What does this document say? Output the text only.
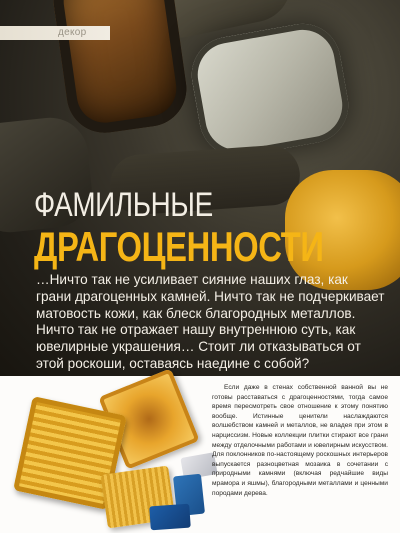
декор
ФАМИЛЬНЫЕ
ДРАГОЦЕННОСТИ

…Ничто так не усиливает сияние наших глаз, как грани драгоценных камней. Ничто так не подчеркивает матовость кожи, как блеск благородных металлов. Ничто так не отражает нашу внутреннюю суть, как ювелирные украшения… Стоит ли отказываться от этой роскоши, оставаясь наедине с собой?

Если даже в стенах собственной ванной вы не готовы расставаться с драгоценностями, тогда самое время пересмотреть свое отношение к этому понятию вообще. Истинные ценители наслаждаются волшебством камней и металлов, не владея при этом в нарциссизм. Новые коллекции плитки стирают все грани между отделочными работами и ювелирным искусством. Для поклонников по-настоящему роскошных интерьеров выпускается разноцветная мозаика в сочетании с природными камнями (включая редчайшие виды мрамора и яшмы), благородными металлами и ценными породами дерева.
